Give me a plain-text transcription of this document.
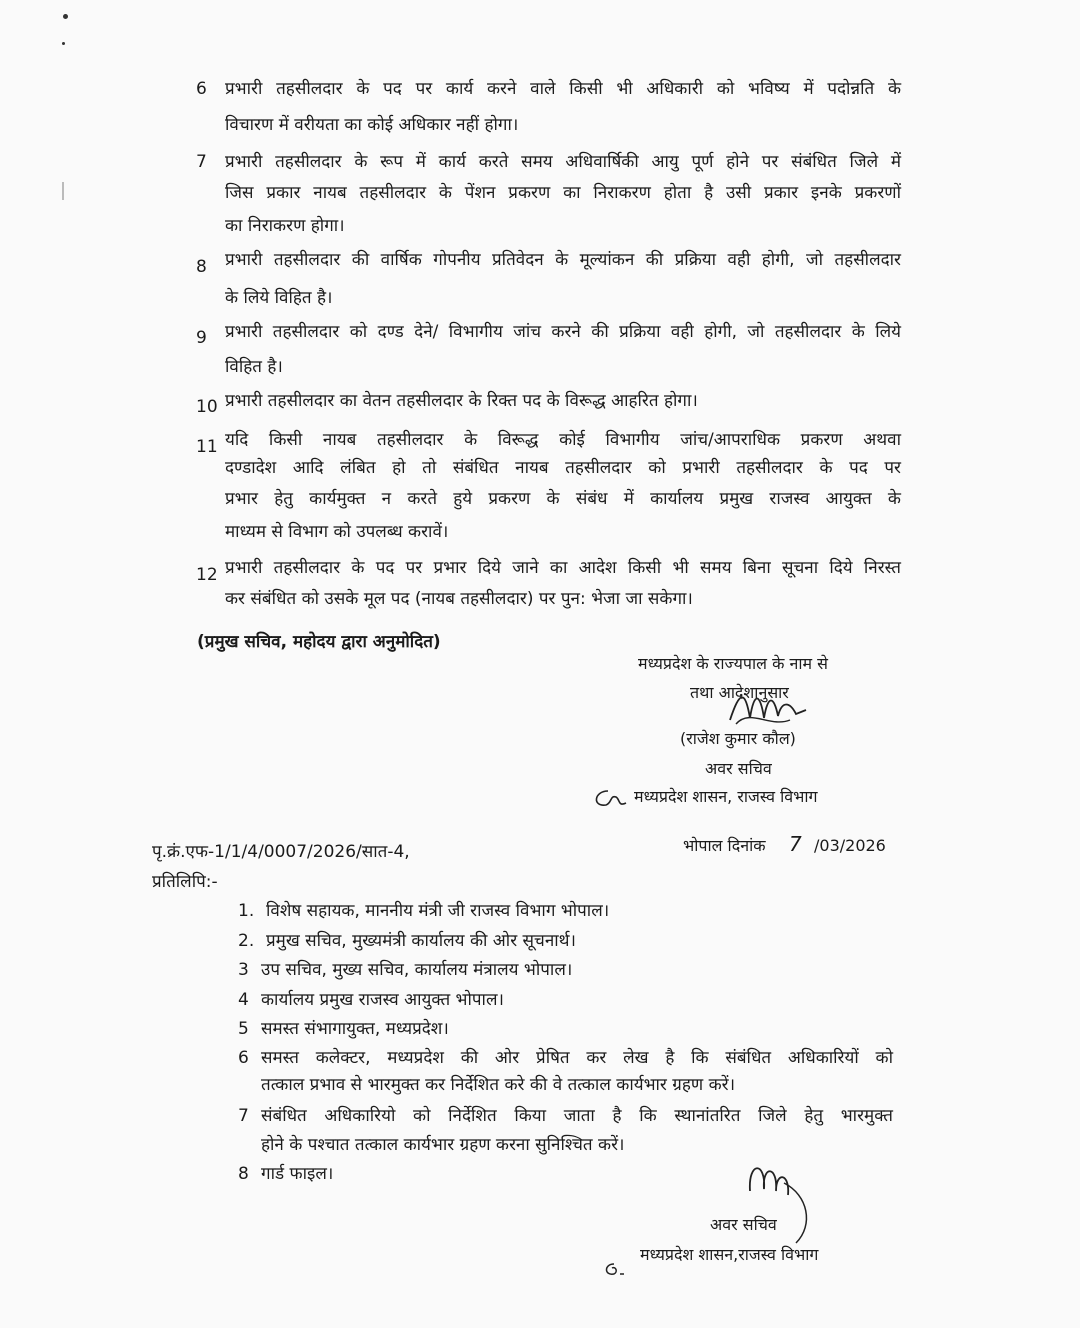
6 प्रभारी तहसीलदार के पद पर कार्य करने वाले किसी भी अधिकारी को भविष्य में पदोन्नति के
विचारण में वरीयता का कोई अधिकार नहीं होगा।
7 प्रभारी तहसीलदार के रूप में कार्य करते समय अधिवार्षिकी आयु पूर्ण होने पर संबंधित जिले में
जिस प्रकार नायब तहसीलदार के पेंशन प्रकरण का निराकरण होता है उसी प्रकार इनके प्रकरणों
का निराकरण होगा।
8 प्रभारी तहसीलदार की वार्षिक गोपनीय प्रतिवेदन के मूल्यांकन की प्रक्रिया वही होगी, जो तहसीलदार
के लिये विहित है।
9 प्रभारी तहसीलदार को दण्ड देने/ विभागीय जांच करने की प्रक्रिया वही होगी, जो तहसीलदार के लिये
विहित है।
10 प्रभारी तहसीलदार का वेतन तहसीलदार के रिक्त पद के विरूद्ध आहरित होगा।
11 यदि किसी नायब तहसीलदार के विरूद्ध कोई विभागीय जांच/आपराधिक प्रकरण अथवा
दण्डादेश आदि लंबित हो तो संबंधित नायब तहसीलदार को प्रभारी तहसीलदार के पद पर
प्रभार हेतु कार्यमुक्त न करते हुये प्रकरण के संबंध में कार्यालय प्रमुख राजस्व आयुक्त के
माध्यम से विभाग को उपलब्ध करावें।
12 प्रभारी तहसीलदार के पद पर प्रभार दिये जाने का आदेश किसी भी समय बिना सूचना दिये निरस्त
कर संबंधित को उसके मूल पद (नायब तहसीलदार) पर पुन: भेजा जा सकेगा।
(प्रमुख सचिव, महोदय द्वारा अनुमोदित)
मध्यप्रदेश के राज्यपाल के नाम से
तथा आदेशानुसार
(राजेश कुमार कौल)
अवर सचिव
मध्यप्रदेश शासन, राजस्व विभाग
पृ.क्रं.एफ-1/1/4/0007/2026/सात-4,	भोपाल दिनांक 7 /03/2026
प्रतिलिपि:-
1. विशेष सहायक, माननीय मंत्री जी राजस्व विभाग भोपाल।
2. प्रमुख सचिव, मुख्यमंत्री कार्यालय की ओर सूचनार्थ।
3 उप सचिव, मुख्य सचिव, कार्यालय मंत्रालय भोपाल।
4 कार्यालय प्रमुख राजस्व आयुक्त भोपाल।
5 समस्त संभागायुक्त, मध्यप्रदेश।
6 समस्त कलेक्टर, मध्यप्रदेश की ओर प्रेषित कर लेख है कि संबंधित अधिकारियों को
तत्काल प्रभाव से भारमुक्त कर निर्देशित करे की वे तत्काल कार्यभार ग्रहण करें।
7 संबंधित अधिकारियो को निर्देशित किया जाता है कि स्थानांतरित जिले हेतु भारमुक्त
होने के पश्चात तत्काल कार्यभार ग्रहण करना सुनिश्चित करें।
8 गार्ड फाइल।
अवर सचिव
मध्यप्रदेश शासन,राजस्व विभाग
